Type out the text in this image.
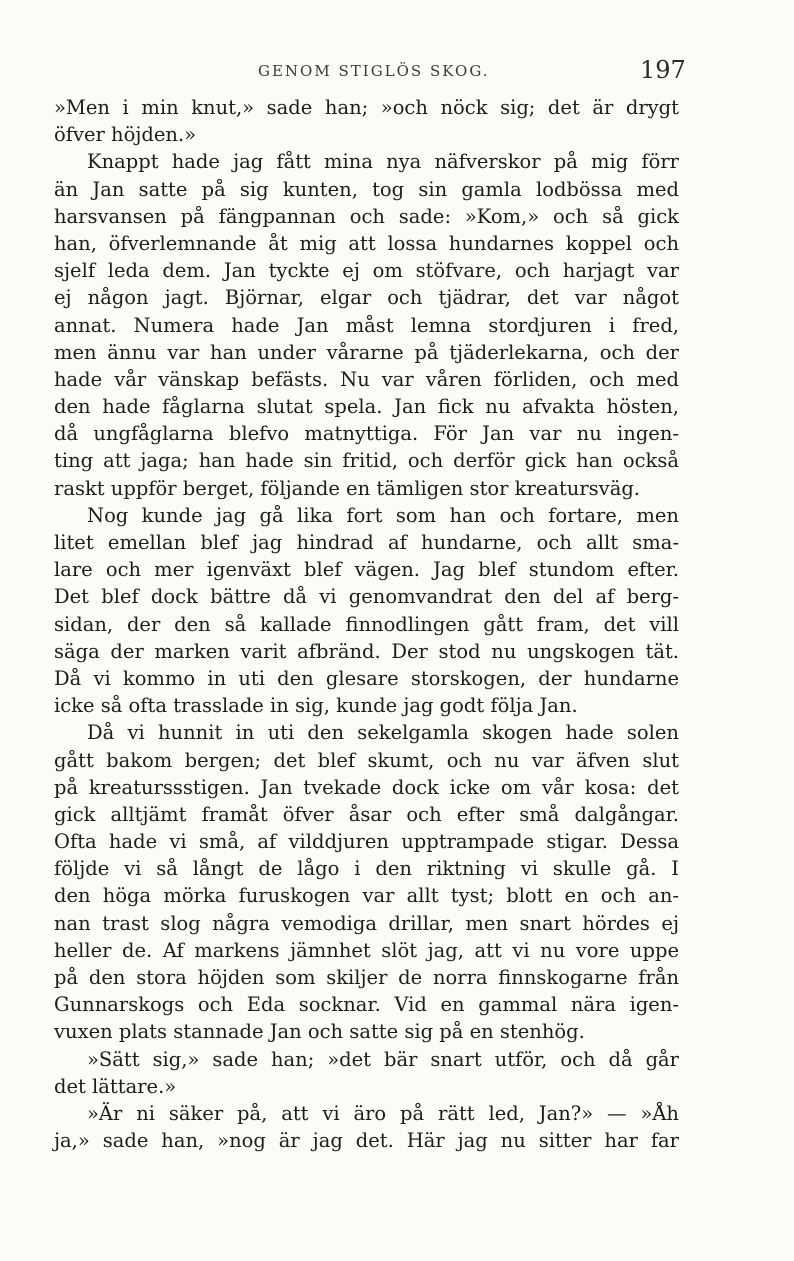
GENOM STIGLÖS SKOG.	197
»Men i min knut,» sade han; »och nöck sig; det är drygt
öfver höjden.»
Knappt hade jag fått mina nya näfverskor på mig förr
än Jan satte på sig kunten, tog sin gamla lodbössa med
harsvansen på fängpannan och sade: »Kom,» och så gick
han, öfverlemnande åt mig att lossa hundarnes koppel och
sjelf leda dem. Jan tyckte ej om stöfvare, och harjagt var
ej någon jagt. Björnar, elgar och tjädrar, det var något
annat. Numera hade Jan måst lemna stordjuren i fred,
men ännu var han under vårarne på tjäderlekarna, och der
hade vår vänskap befästs. Nu var våren förliden, och med
den hade fåglarna slutat spela. Jan fick nu afvakta hösten,
då ungfåglarna blefvo matnyttiga. För Jan var nu ingen-
ting att jaga; han hade sin fritid, och derför gick han också
raskt uppför berget, följande en tämligen stor kreatursväg.
Nog kunde jag gå lika fort som han och fortare, men
litet emellan blef jag hindrad af hundarne, och allt sma-
lare och mer igenväxt blef vägen. Jag blef stundom efter.
Det blef dock bättre då vi genomvandrat den del af berg-
sidan, der den så kallade finnodlingen gått fram, det vill
säga der marken varit afbränd. Der stod nu ungskogen tät.
Då vi kommo in uti den glesare storskogen, der hundarne
icke så ofta trasslade in sig, kunde jag godt följa Jan.
Då vi hunnit in uti den sekelgamla skogen hade solen
gått bakom bergen; det blef skumt, och nu var äfven slut
på kreaturssstigen. Jan tvekade dock icke om vår kosa: det
gick alltjämt framåt öfver åsar och efter små dalgångar.
Ofta hade vi små, af vilddjuren upptrampade stigar. Dessa
följde vi så långt de lågo i den riktning vi skulle gå. I
den höga mörka furuskogen var allt tyst; blott en och an-
nan trast slog några vemodiga drillar, men snart hördes ej
heller de. Af markens jämnhet slöt jag, att vi nu vore uppe
på den stora höjden som skiljer de norra finnskogarne från
Gunnarskogs och Eda socknar. Vid en gammal nära igen-
vuxen plats stannade Jan och satte sig på en stenhög.
»Sätt sig,» sade han; »det bär snart utför, och då går
det lättare.»
»Är ni säker på, att vi äro på rätt led, Jan?» — »Åh
ja,» sade han, »nog är jag det. Här jag nu sitter har far
